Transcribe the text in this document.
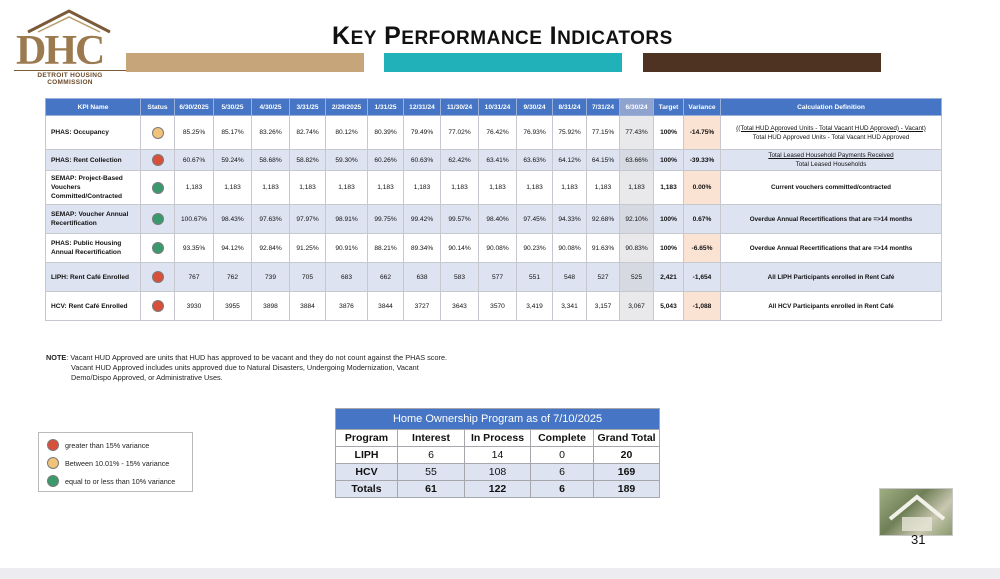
DHC
DETROIT HOUSING COMMISSION
KEY PERFORMANCE INDICATORS
KPI Name	Status	6/30/2025	5/30/25	4/30/25	3/31/25	2/29/2025	1/31/25	12/31/24	11/30/24	10/31/24	9/30/24	8/31/24	7/31/24	6/30/24	Target	Variance	Calculation Definition
PHAS: Occupancy		85.25%	85.17%	83.26%	82.74%	80.12%	80.39%	79.49%	77.02%	76.42%	76.93%	75.92%	77.15%	77.43%	100%	-14.75%	((Total HUD Approved Units - Total Vacant HUD Approved) - Vacant)
Total HUD Approved Units - Total Vacant HUD Approved

PHAS: Rent Collection		60.67%	59.24%	58.68%	58.82%	59.30%	60.26%	60.63%	62.42%	63.41%	63.63%	64.12%	64.15%	63.66%	100%	-39.33%	Total Leased Household Payments Received
Total Leased Households

SEMAP: Project-Based Vouchers Committed/Contracted		1,183	1,183	1,183	1,183	1,183	1,183	1,183	1,183	1,183	1,183	1,183	1,183	1,183	1,183	0.00%	Current vouchers committed/contracted

SEMAP: Voucher Annual Recertification		100.67%	98.43%	97.63%	97.97%	98.91%	99.75%	99.42%	99.57%	98.40%	97.45%	94.33%	92.68%	92.10%	100%	0.67%	Overdue Annual Recertifications that are =>14 months

PHAS: Public Housing Annual Recertification		93.35%	94.12%	92.84%	91.25%	90.91%	88.21%	89.34%	90.14%	90.08%	90.23%	90.08%	91.63%	90.83%	100%	-6.65%	Overdue Annual Recertifications that are =>14 months

LIPH: Rent Café Enrolled		767	762	739	705	683	662	638	583	577	551	548	527	525	2,421	-1,654	All LIPH Participants enrolled in Rent Café

HCV: Rent Café Enrolled		3930	3955	3898	3884	3876	3844	3727	3643	3570	3,419	3,341	3,157	3,067	5,043	-1,088	All HCV Participants enrolled in Rent Café
NOTE: Vacant HUD Approved are units that HUD has approved to be vacant and they do not count against the PHAS score.
Vacant HUD Approved includes units approved due to Natural Disasters, Undergoing Modernization, Vacant
Demo/Dispo Approved, or Administrative Uses.
greater than 15% variance
Between 10.01% - 15% variance
equal to or less than 10% variance
Home Ownership Program as of 7/10/2025				
Program	Interest	In Process	Complete	Grand Total
LIPH	6	14	0	20
HCV	55	108	6	169
Totals	61	122	6	189
31
